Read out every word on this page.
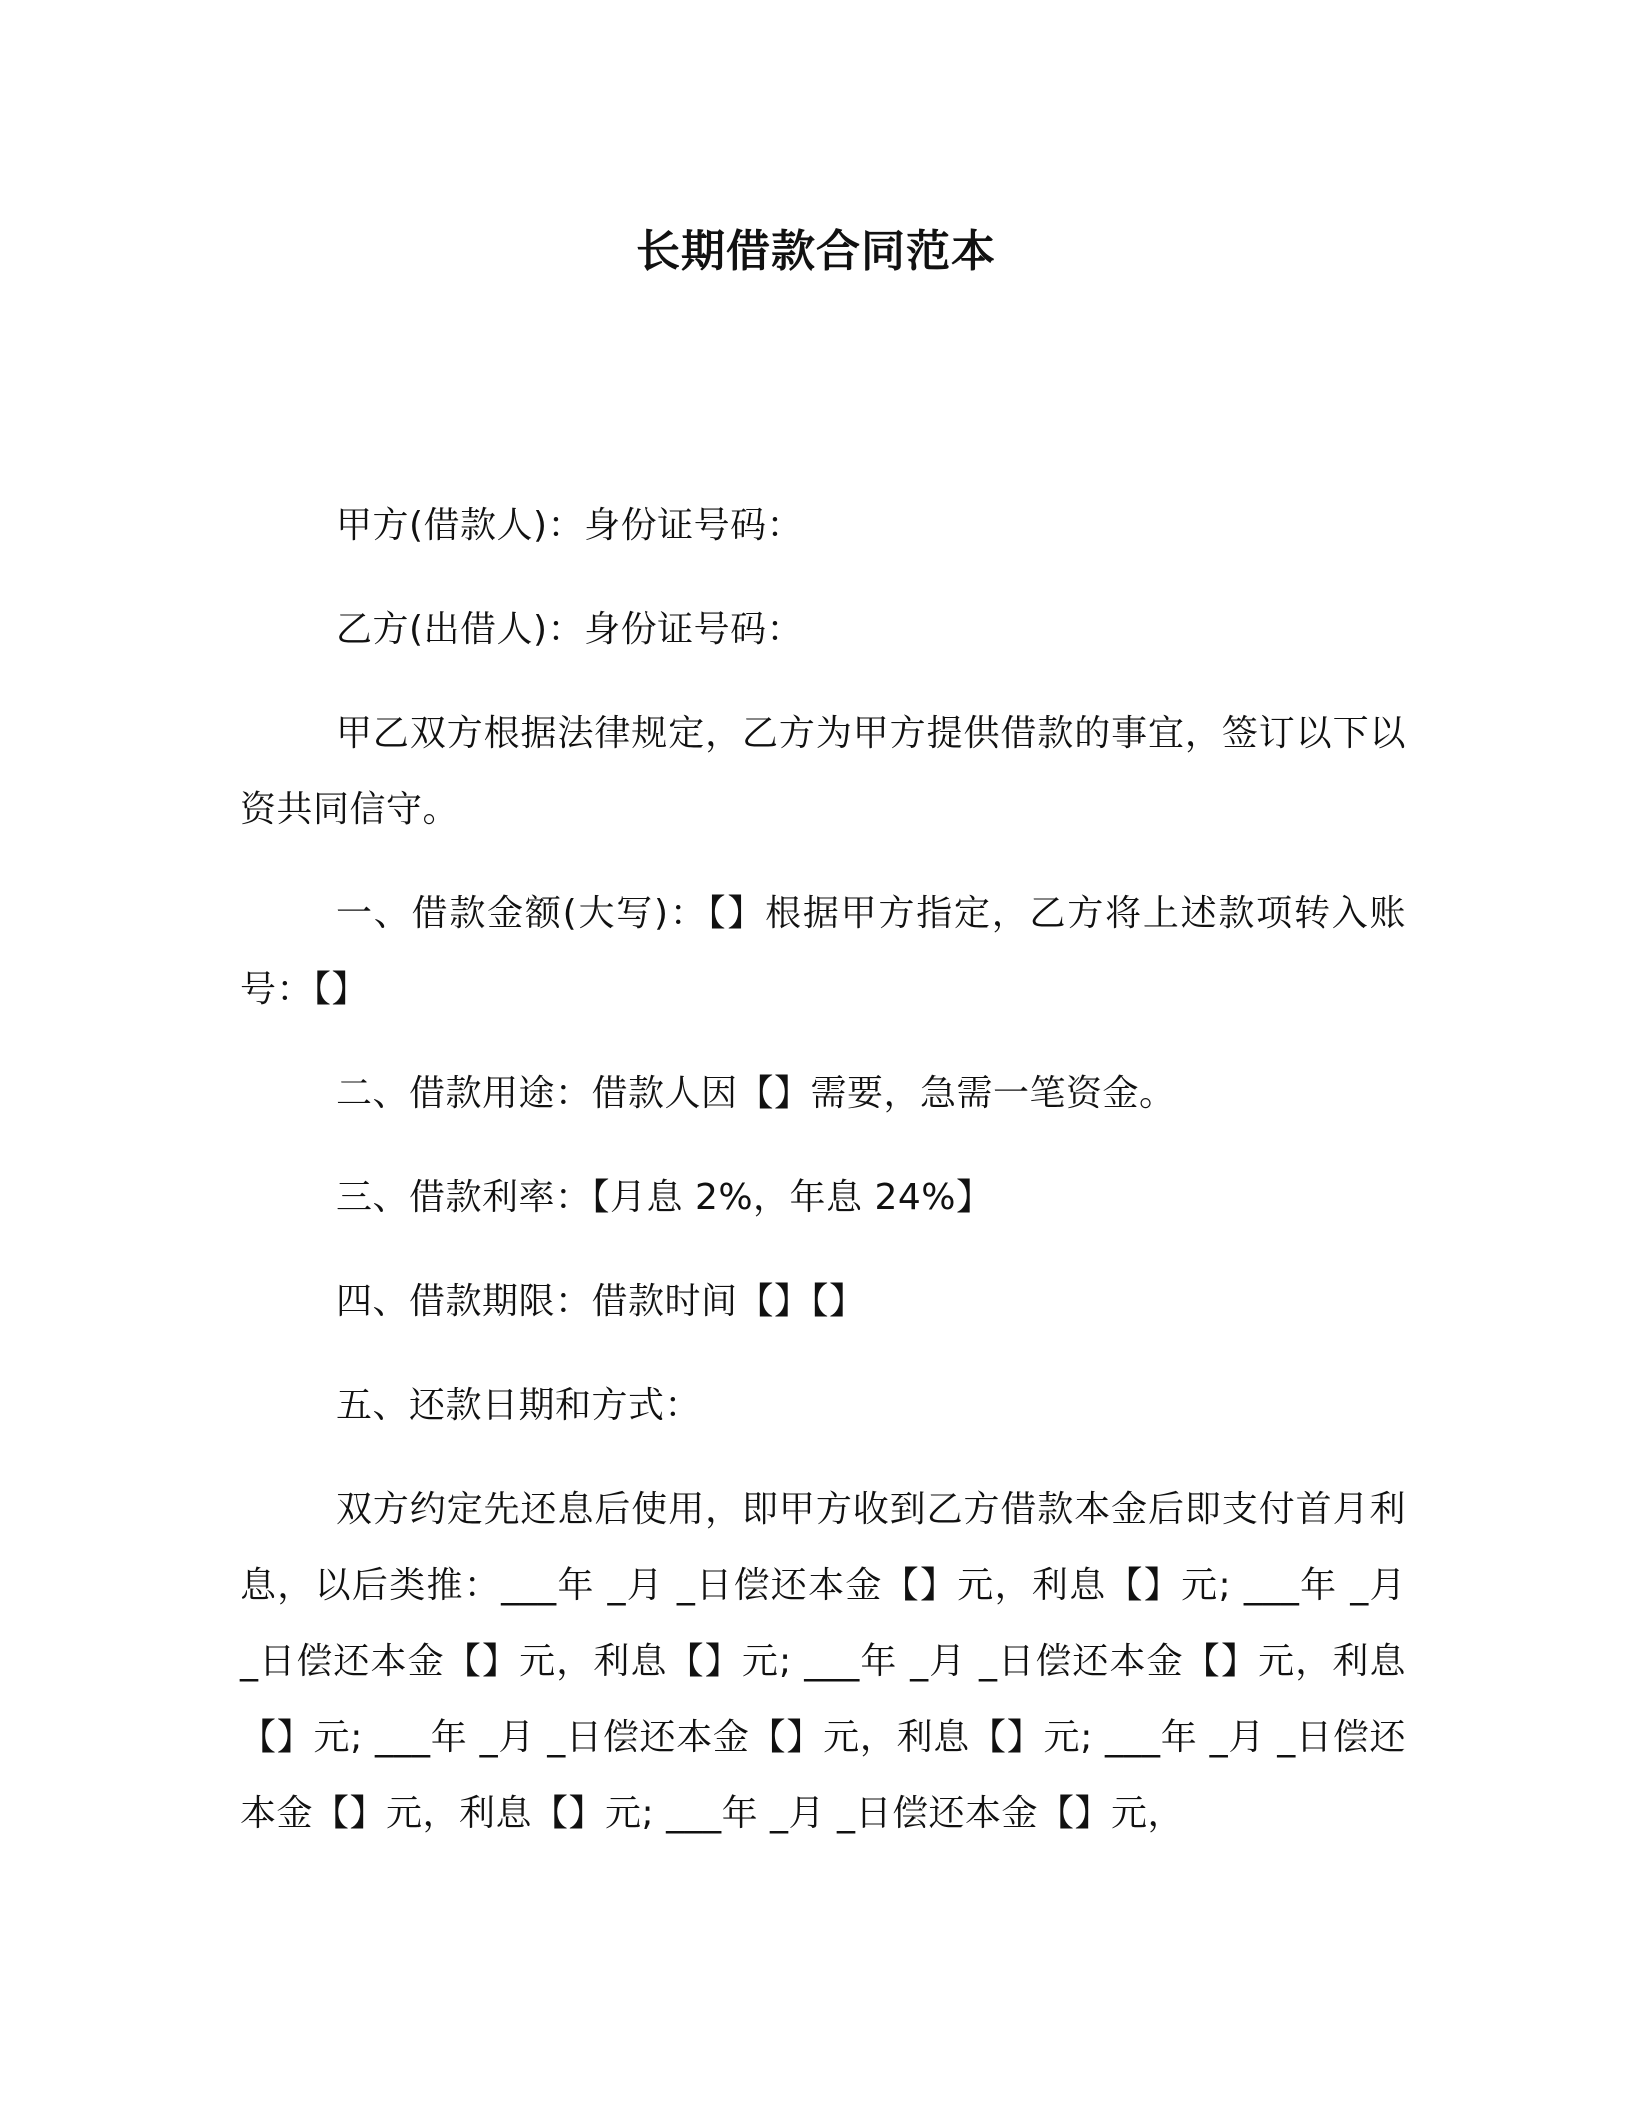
长期借款合同范本

甲方(借款人)：身份证号码：

乙方(出借人)：身份证号码：

甲乙双方根据法律规定，乙方为甲方提供借款的事宜，签订以下以资共同信守。

一、借款金额(大写)：【】根据甲方指定，乙方将上述款项转入账号：【】

二、借款用途：借款人因【】需要，急需一笔资金。

三、借款利率：【月息 2%，年息 24%】

四、借款期限：借款时间【】【】

五、还款日期和方式：

双方约定先还息后使用，即甲方收到乙方借款本金后即支付首月利息，以后类推：___年 _月 _日偿还本金【】元，利息【】元; ___年 _月 _日偿还本金【】元，利息【】元; ___年 _月 _日偿还本金【】元，利息【】元; ___年 _月 _日偿还本金【】元，利息【】元; ___年 _月 _日偿还本金【】元，利息【】元; ___年 _月 _日偿还本金【】元，
